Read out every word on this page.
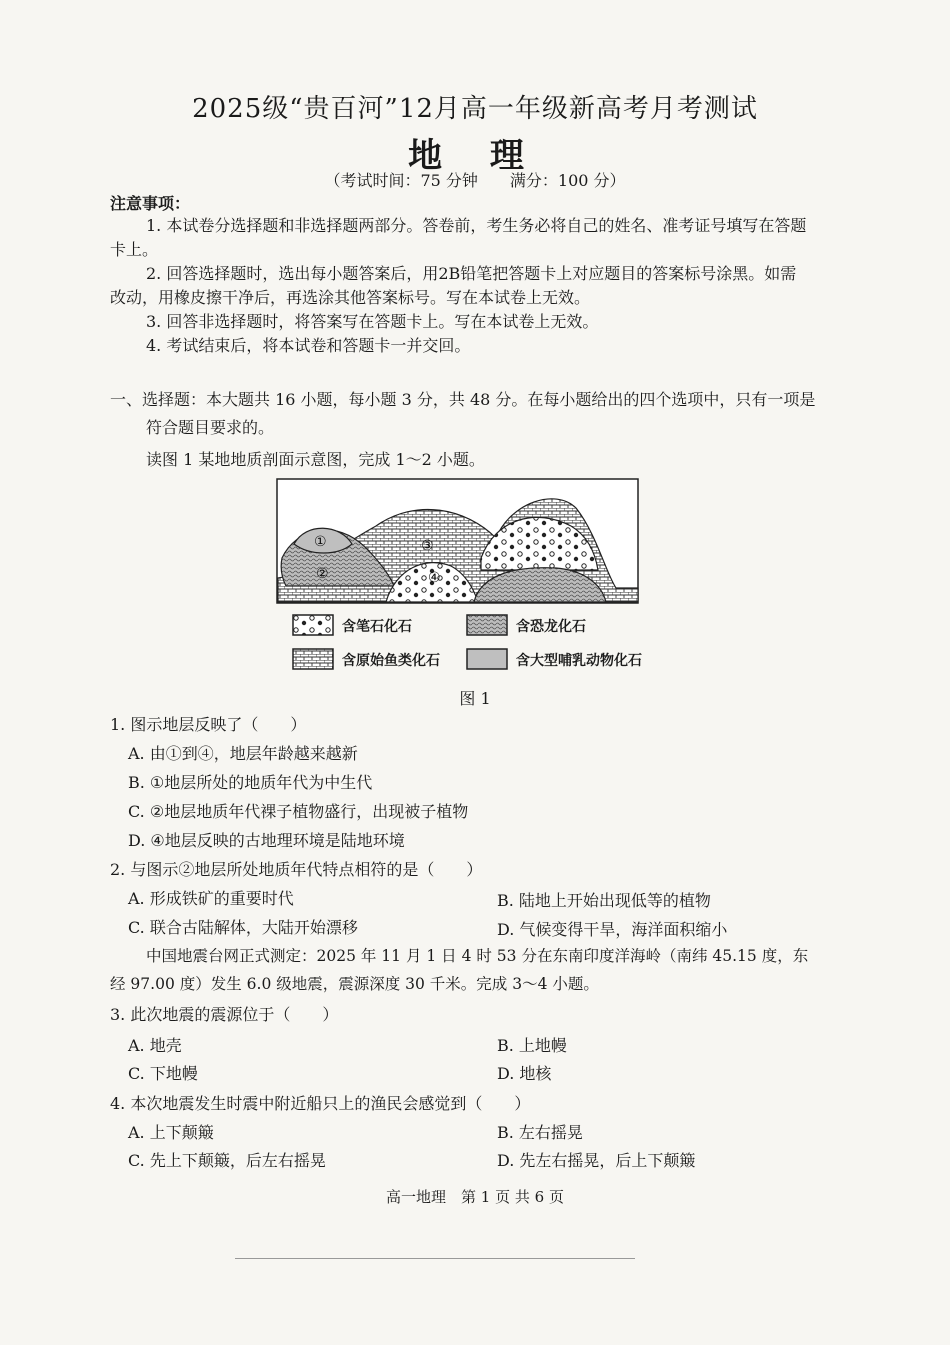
2025级“贵百河”12月高一年级新高考月考测试
地 理
（考试时间：75 分钟　　满分：100 分）
注意事项：
1. 本试卷分选择题和非选择题两部分。答卷前，考生务必将自己的姓名、准考证号填写在答题
卡上。
2. 回答选择题时，选出每小题答案后，用2B铅笔把答题卡上对应题目的答案标号涂黑。如需
改动，用橡皮擦干净后，再选涂其他答案标号。写在本试卷上无效。
3. 回答非选择题时，将答案写在答题卡上。写在本试卷上无效。
4. 考试结束后，将本试卷和答题卡一并交回。
一、选择题：本大题共 16 小题，每小题 3 分，共 48 分。在每小题给出的四个选项中，只有一项是
符合题目要求的。
读图 1 某地地质剖面示意图，完成 1～2 小题。
①
②
③
④
含笔石化石	含恐龙化石
含原始鱼类化石	含大型哺乳动物化石
图 1
1. 图示地层反映了（　　）
A. 由①到④，地层年龄越来越新
B. ①地层所处的地质年代为中生代
C. ②地层地质年代裸子植物盛行，出现被子植物
D. ④地层反映的古地理环境是陆地环境
2. 与图示②地层所处地质年代特点相符的是（　　）
A. 形成铁矿的重要时代	B. 陆地上开始出现低等的植物
C. 联合古陆解体，大陆开始漂移	D. 气候变得干旱，海洋面积缩小
中国地震台网正式测定：2025 年 11 月 1 日 4 时 53 分在东南印度洋海岭（南纬 45.15 度，东
经 97.00 度）发生 6.0 级地震，震源深度 30 千米。完成 3～4 小题。
3. 此次地震的震源位于（　　）
A. 地壳	B. 上地幔
C. 下地幔	D. 地核
4. 本次地震发生时震中附近船只上的渔民会感觉到（　　）
A. 上下颠簸	B. 左右摇晃
C. 先上下颠簸，后左右摇晃	D. 先左右摇晃，后上下颠簸
高一地理　第 1 页 共 6 页
